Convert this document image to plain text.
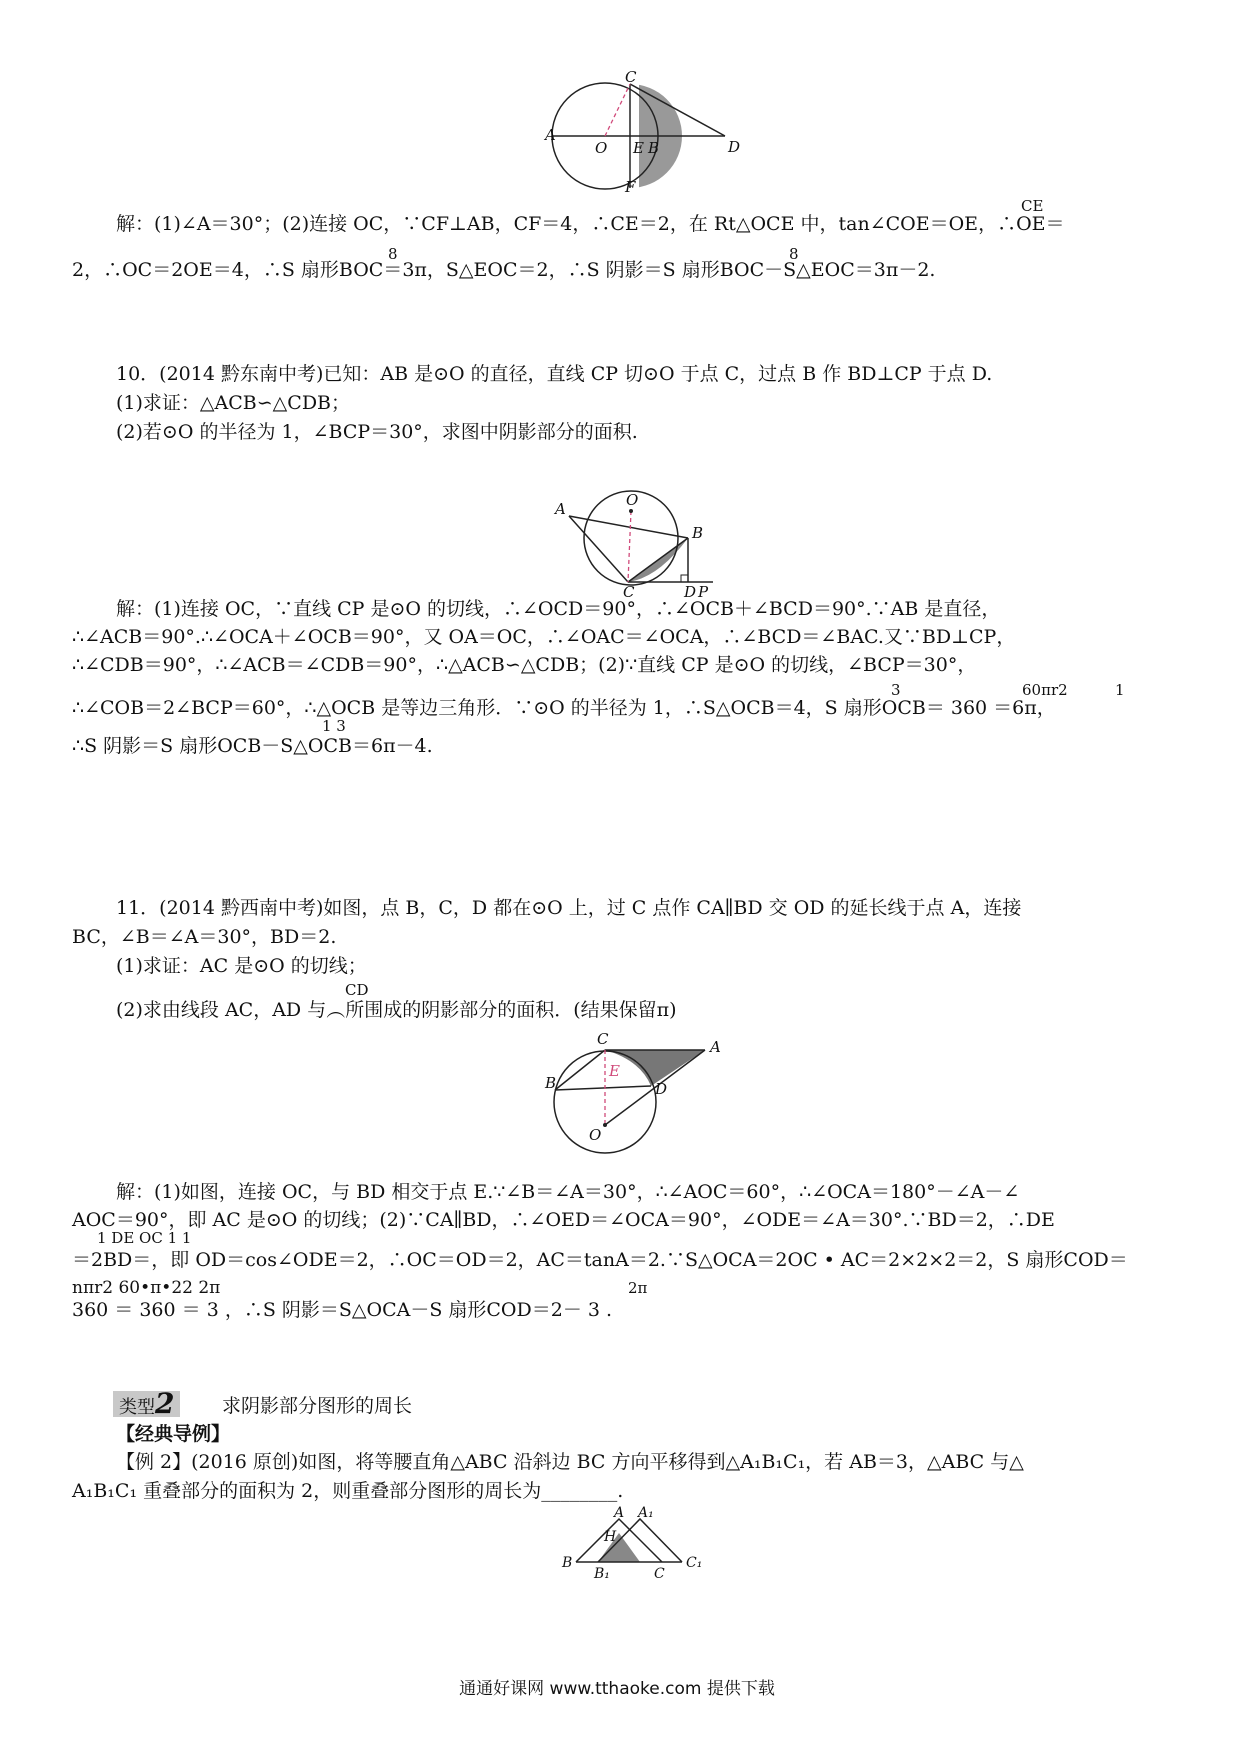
A
O E B	D
C
F
CE
解：(1)∠A＝30°；(2)连接 OC，∵CF⊥AB，CF＝4，∴CE＝2，在 Rt△OCE 中，tan∠COE＝OE，∴OE＝
8	8
2，∴OC＝2OE＝4，∴S 扇形BOC＝3π，S△EOC＝2，∴S 阴影＝S 扇形BOC－S△EOC＝3π－2.
10．(2014 黔东南中考)已知：AB 是⊙O 的直径，直线 CP 切⊙O 于点 C，过点 B 作 BD⊥CP 于点 D.
(1)求证：△ACB∽△CDB；
(2)若⊙O 的半径为 1，∠BCP＝30°，求图中阴影部分的面积.
A	O
B
C	D P
解：(1)连接 OC，∵直线 CP 是⊙O 的切线，∴∠OCD＝90°，∴∠OCB＋∠BCD＝90°.∵AB 是直径，
∴∠ACB＝90°.∴∠OCA＋∠OCB＝90°，又 OA＝OC，∴∠OAC＝∠OCA，∴∠BCD＝∠BAC.又∵BD⊥CP，
∴∠CDB＝90°，∴∠ACB＝∠CDB＝90°，∴△ACB∽△CDB；(2)∵直线 CP 是⊙O 的切线，∠BCP＝30°，
3	60πr2	1
∴∠COB＝2∠BCP＝60°，∴△OCB 是等边三角形．∵⊙O 的半径为 1，∴S△OCB＝4，S 扇形OCB＝ 360 ＝6π，
1 3
∴S 阴影＝S 扇形OCB－S△OCB＝6π－4.
11．(2014 黔西南中考)如图，点 B，C，D 都在⊙O 上，过 C 点作 CA∥BD 交 OD 的延长线于点 A，连接
BC，∠B＝∠A＝30°，BD＝2.
(1)求证：AC 是⊙O 的切线；
CD
(2)求由线段 AC，AD 与︵所围成的阴影部分的面积．(结果保留π)
C	A
B
E
D
O
解：(1)如图，连接 OC，与 BD 相交于点 E.∵∠B＝∠A＝30°，∴∠AOC＝60°，∴∠OCA＝180°－∠A－∠
AOC＝90°，即 AC 是⊙O 的切线；(2)∵CA∥BD，∴∠OED＝∠OCA＝90°，∠ODE＝∠A＝30°.∵BD＝2，∴DE
1 DE OC 1 1
＝2BD＝，即 OD＝cos∠ODE＝2，∴OC＝OD＝2，AC＝tanA＝2.∵S△OCA＝2OC • AC＝2×2×2＝2，S 扇形COD＝
nπr2 60•π•22 2π	2π
360 ＝ 360 ＝ 3 ，∴S 阴影＝S△OCA－S 扇形COD＝2－ 3 .
类型2	求阴影部分图形的周长
【经典导例】
【例 2】(2016 原创)如图，将等腰直角△ABC 沿斜边 BC 方向平移得到△A₁B₁C₁，若 AB＝3，△ABC 与△
A₁B₁C₁ 重叠部分的面积为 2，则重叠部分图形的周长为________.
A A₁
H
B
B₁	C
C₁
通通好课网 www.tthaoke.com 提供下载
